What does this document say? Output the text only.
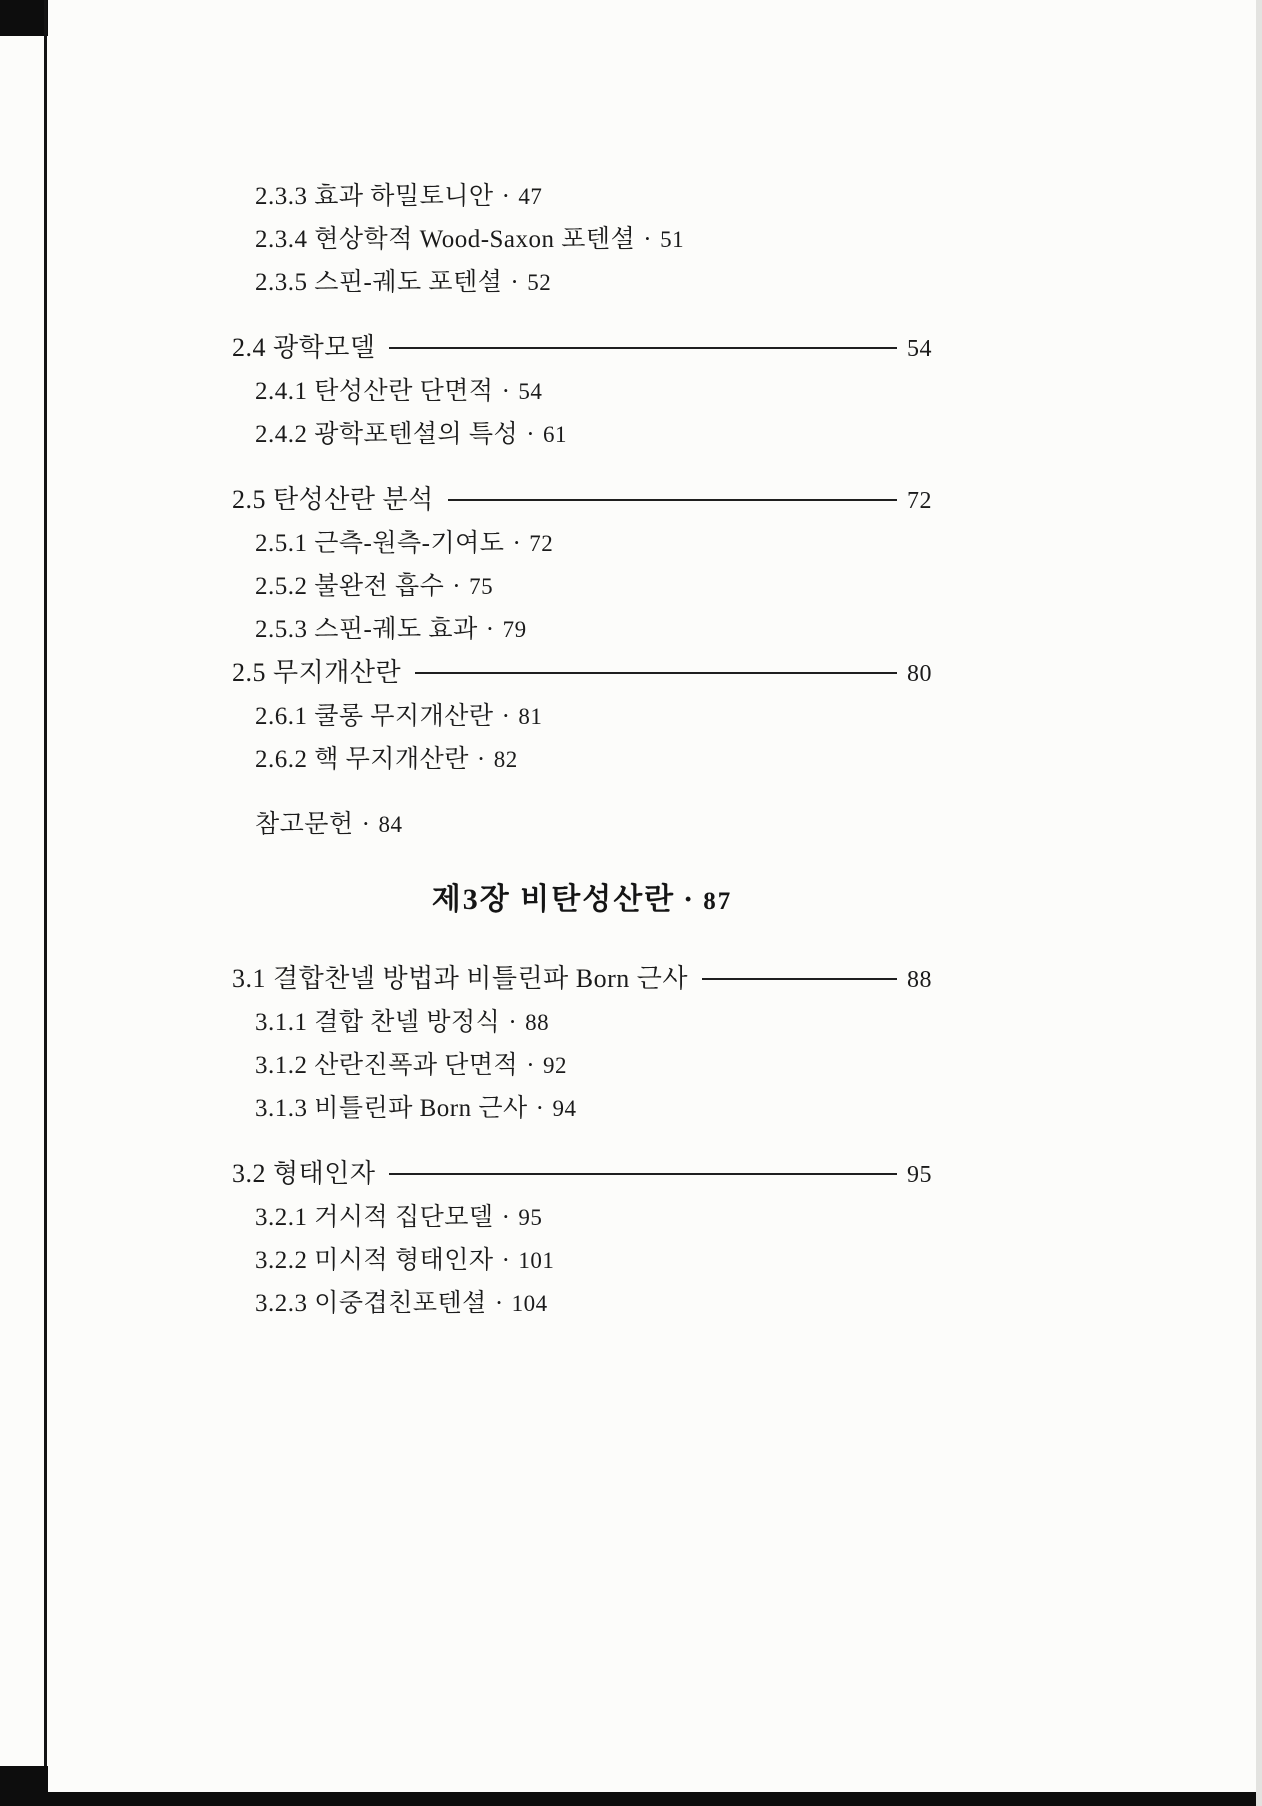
2.3.3 효과 하밀토니안 · 47
2.3.4 현상학적 Wood-Saxon 포텐셜 · 51
2.3.5 스핀-궤도 포텐셜 · 52
2.4 광학모델	54
2.4.1 탄성산란 단면적 · 54
2.4.2 광학포텐셜의 특성 · 61
2.5 탄성산란 분석	72
2.5.1 근측-원측-기여도 · 72
2.5.2 불완전 흡수 · 75
2.5.3 스핀-궤도 효과 · 79
2.5 무지개산란	80
2.6.1 쿨롱 무지개산란 · 81
2.6.2 핵 무지개산란 · 82
참고문헌 · 84
제3장 비탄성산란 · 87
3.1 결합찬넬 방법과 비틀린파 Born 근사	88
3.1.1 결합 찬넬 방정식 · 88
3.1.2 산란진폭과 단면적 · 92
3.1.3 비틀린파 Born 근사 · 94
3.2 형태인자	95
3.2.1 거시적 집단모델 · 95
3.2.2 미시적 형태인자 · 101
3.2.3 이중겹친포텐셜 · 104
